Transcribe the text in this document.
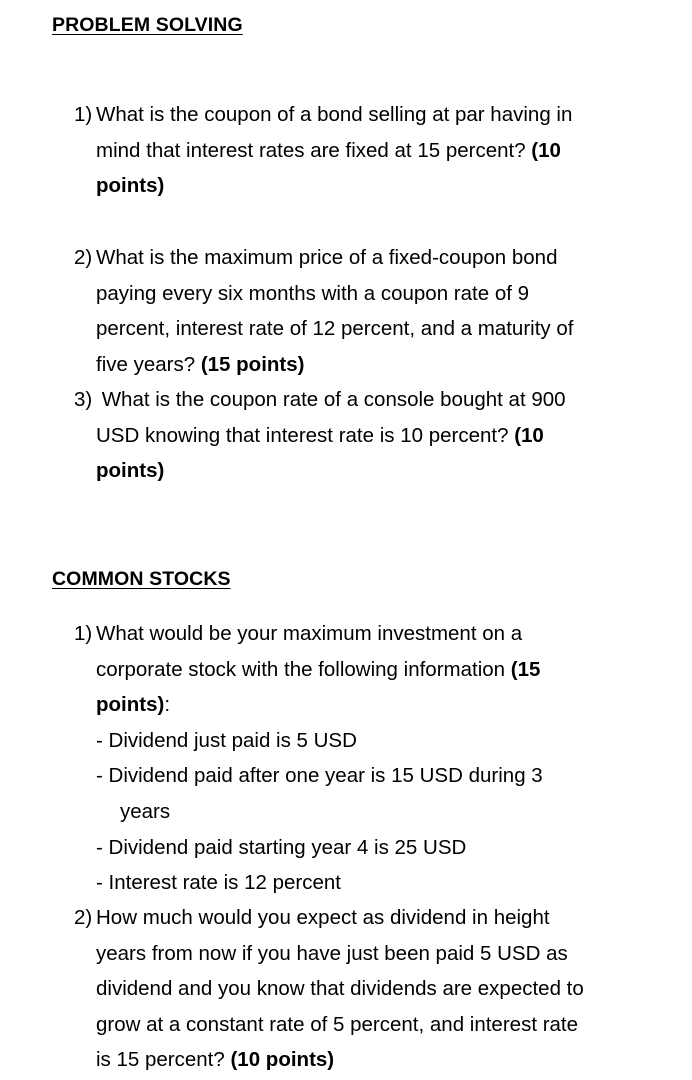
PROBLEM SOLVING

1) What is the coupon of a bond selling at par having in
mind that interest rates are fixed at 15 percent? (10
points)

2) What is the maximum price of a fixed-coupon bond
paying every six months with a coupon rate of 9
percent, interest rate of 12 percent, and a maturity of
five years? (15 points)

3) What is the coupon rate of a console bought at 900
USD knowing that interest rate is 10 percent? (10
points)

COMMON STOCKS

1) What would be your maximum investment on a
corporate stock with the following information (15
points):
- Dividend just paid is 5 USD
- Dividend paid after one year is 15 USD during 3
years
- Dividend paid starting year 4 is 25 USD
- Interest rate is 12 percent

2) How much would you expect as dividend in height
years from now if you have just been paid 5 USD as
dividend and you know that dividends are expected to
grow at a constant rate of 5 percent, and interest rate
is 15 percent? (10 points)
